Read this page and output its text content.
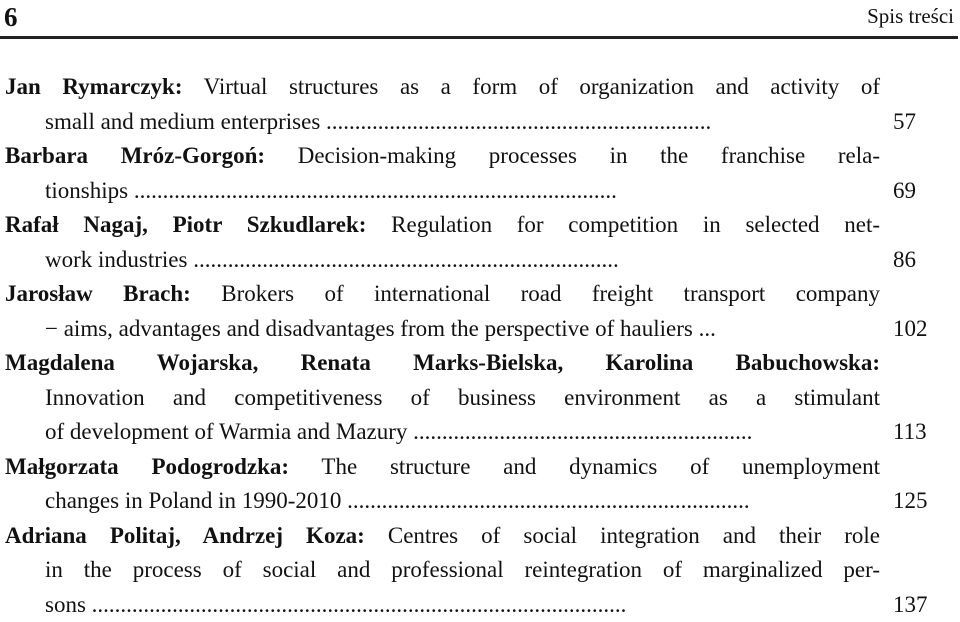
6	Spis treści
Jan Rymarczyk: Virtual structures as a form of organization and activity of
small and medium enterprises ...................................................................	57
Barbara Mróz-Gorgoń: Decision-making processes in the franchise rela-
tionships ....................................................................................	69
Rafał Nagaj, Piotr Szkudlarek: Regulation for competition in selected net-
work industries ..........................................................................	86
Jarosław Brach: Brokers of international road freight transport company
− aims, advantages and disadvantages from the perspective of hauliers ...	102
Magdalena Wojarska, Renata Marks-Bielska, Karolina Babuchowska:
Innovation and competitiveness of business environment as a stimulant
of development of Warmia and Mazury ...........................................................	113
Małgorzata Podogrodzka: The structure and dynamics of unemployment
changes in Poland in 1990-2010 ......................................................................	125
Adriana Politaj, Andrzej Koza: Centres of social integration and their role
in the process of social and professional reintegration of marginalized per-
sons .............................................................................................	137
